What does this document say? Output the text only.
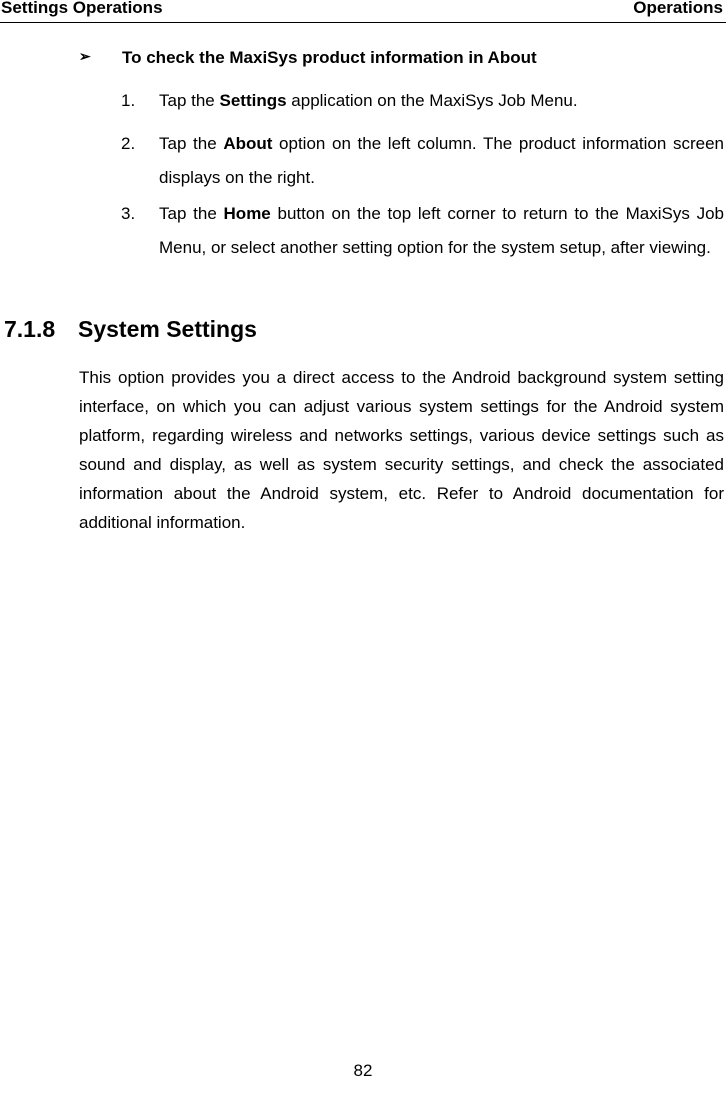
Settings Operations	Operations
➢ To check the MaxiSys product information in About
1. Tap the Settings application on the MaxiSys Job Menu.
2. Tap the About option on the left column. The product information screen displays on the right.
3. Tap the Home button on the top left corner to return to the MaxiSys Job Menu, or select another setting option for the system setup, after viewing.
7.1.8 System Settings
This option provides you a direct access to the Android background system setting interface, on which you can adjust various system settings for the Android system platform, regarding wireless and networks settings, various device settings such as sound and display, as well as system security settings, and check the associated information about the Android system, etc. Refer to Android documentation for additional information.
82
